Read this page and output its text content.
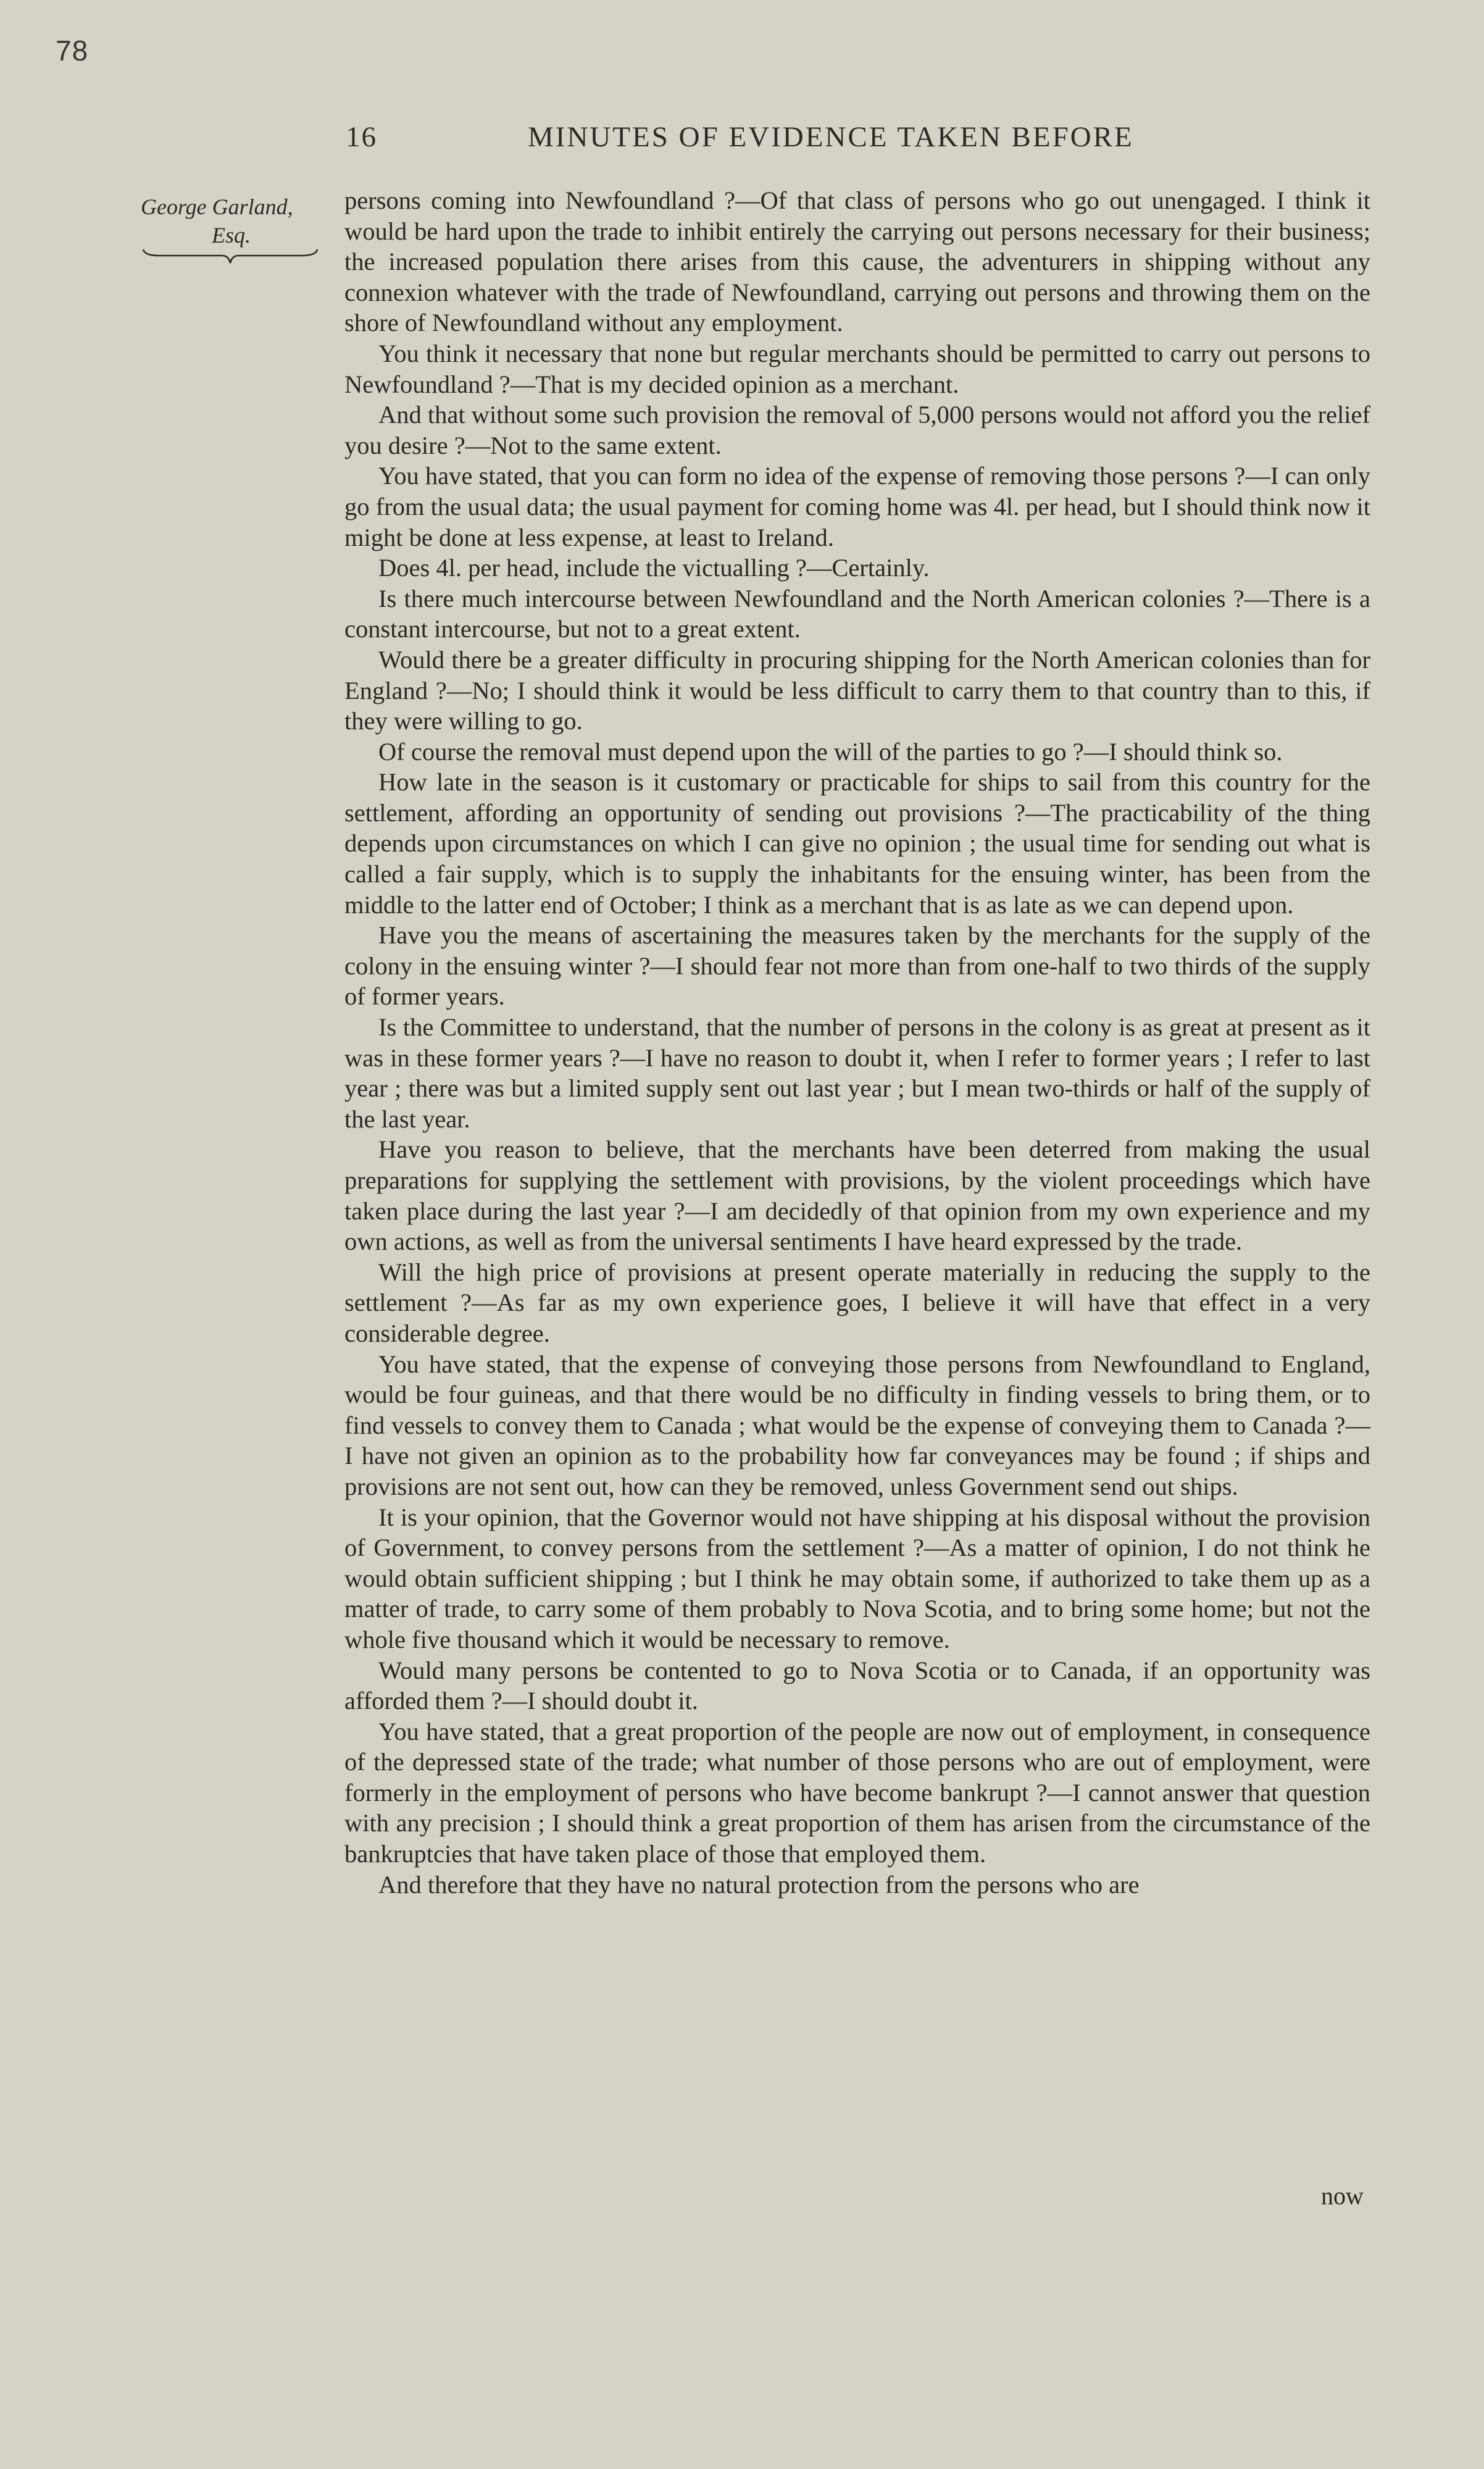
78
16	MINUTES OF EVIDENCE TAKEN BEFORE
George Garland,
Esq.

persons coming into Newfoundland ?—Of that class of persons who go out unengaged. I think it would be hard upon the trade to inhibit entirely the carrying out persons necessary for their business; the increased population there arises from this cause, the adventurers in shipping without any connexion whatever with the trade of Newfoundland, carrying out persons and throwing them on the shore of Newfoundland without any employment.

You think it necessary that none but regular merchants should be permitted to carry out persons to Newfoundland ?—That is my decided opinion as a merchant.

And that without some such provision the removal of 5,000 persons would not afford you the relief you desire ?—Not to the same extent.

You have stated, that you can form no idea of the expense of removing those persons ?—I can only go from the usual data; the usual payment for coming home was 4l. per head, but I should think now it might be done at less expense, at least to Ireland.

Does 4l. per head, include the victualling ?—Certainly.

Is there much intercourse between Newfoundland and the North American colonies ?—There is a constant intercourse, but not to a great extent.

Would there be a greater difficulty in procuring shipping for the North American colonies than for England ?—No; I should think it would be less difficult to carry them to that country than to this, if they were willing to go.

Of course the removal must depend upon the will of the parties to go ?—I should think so.

How late in the season is it customary or practicable for ships to sail from this country for the settlement, affording an opportunity of sending out provisions ?—The practicability of the thing depends upon circumstances on which I can give no opinion ; the usual time for sending out what is called a fair supply, which is to supply the inhabitants for the ensuing winter, has been from the middle to the latter end of October; I think as a merchant that is as late as we can depend upon.

Have you the means of ascertaining the measures taken by the merchants for the supply of the colony in the ensuing winter ?—I should fear not more than from one-half to two thirds of the supply of former years.

Is the Committee to understand, that the number of persons in the colony is as great at present as it was in these former years ?—I have no reason to doubt it, when I refer to former years ; I refer to last year ; there was but a limited supply sent out last year ; but I mean two-thirds or half of the supply of the last year.

Have you reason to believe, that the merchants have been deterred from making the usual preparations for supplying the settlement with provisions, by the violent proceedings which have taken place during the last year ?—I am decidedly of that opinion from my own experience and my own actions, as well as from the universal sentiments I have heard expressed by the trade.

Will the high price of provisions at present operate materially in reducing the supply to the settlement ?—As far as my own experience goes, I believe it will have that effect in a very considerable degree.

You have stated, that the expense of conveying those persons from Newfoundland to England, would be four guineas, and that there would be no difficulty in finding vessels to bring them, or to find vessels to convey them to Canada ; what would be the expense of conveying them to Canada ?—I have not given an opinion as to the probability how far conveyances may be found ; if ships and provisions are not sent out, how can they be removed, unless Government send out ships.

It is your opinion, that the Governor would not have shipping at his disposal without the provision of Government, to convey persons from the settlement ?—As a matter of opinion, I do not think he would obtain sufficient shipping ; but I think he may obtain some, if authorized to take them up as a matter of trade, to carry some of them probably to Nova Scotia, and to bring some home; but not the whole five thousand which it would be necessary to remove.

Would many persons be contented to go to Nova Scotia or to Canada, if an opportunity was afforded them ?—I should doubt it.

You have stated, that a great proportion of the people are now out of employment, in consequence of the depressed state of the trade; what number of those persons who are out of employment, were formerly in the employment of persons who have become bankrupt ?—I cannot answer that question with any precision ; I should think a great proportion of them has arisen from the circumstance of the bankruptcies that have taken place of those that employed them.

And therefore that they have no natural protection from the persons who are

now
